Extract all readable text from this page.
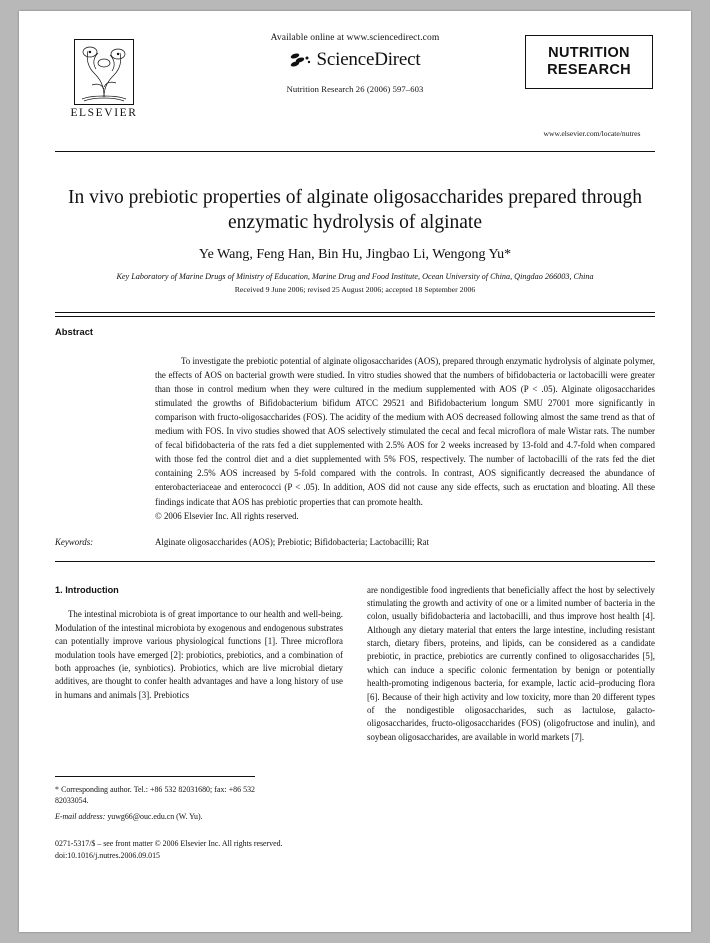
ELSEVIER
Available online at www.sciencedirect.com
ScienceDirect
Nutrition Research 26 (2006) 597–603
NUTRITION
RESEARCH
www.elsevier.com/locate/nutres
In vivo prebiotic properties of alginate oligosaccharides prepared through
enzymatic hydrolysis of alginate
Ye Wang, Feng Han, Bin Hu, Jingbao Li, Wengong Yu*
Key Laboratory of Marine Drugs of Ministry of Education, Marine Drug and Food Institute, Ocean University of China, Qingdao 266003, China
Received 9 June 2006; revised 25 August 2006; accepted 18 September 2006
Abstract

To investigate the prebiotic potential of alginate oligosaccharides (AOS), prepared through enzymatic hydrolysis of alginate polymer, the effects of AOS on bacterial growth were studied. In vitro studies showed that the numbers of bifidobacteria or lactobacilli were greater than those in control medium when they were cultured in the medium supplemented with AOS (P < .05). Alginate oligosaccharides stimulated the growths of Bifidobacterium bifidum ATCC 29521 and Bifidobacterium longum SMU 27001 more significantly in comparison with fructo-oligosaccharides (FOS). The acidity of the medium with AOS decreased following almost the same trend as that of medium with FOS. In vivo studies showed that AOS selectively stimulated the cecal and fecal microflora of male Wistar rats. The number of fecal bifidobacteria of the rats fed a diet supplemented with 2.5% AOS for 2 weeks increased by 13-fold and 4.7-fold when compared with those fed the control diet and a diet supplemented with 5% FOS, respectively. The number of lactobacilli of the rats fed the diet containing 2.5% AOS increased by 5-fold compared with the controls. In contrast, AOS significantly decreased the abundance of enterobacteriaceae and enterococci (P < .05). In addition, AOS did not cause any side effects, such as eructation and bloating. All these findings indicate that AOS has prebiotic properties that can promote health.

© 2006 Elsevier Inc. All rights reserved.

Keywords:	Alginate oligosaccharides (AOS); Prebiotic; Bifidobacteria; Lactobacilli; Rat
1. Introduction

The intestinal microbiota is of great importance to our health and well-being. Modulation of the intestinal microbiota by exogenous and endogenous substrates can potentially improve various physiological functions [1]. Three microflora modulation tools have emerged [2]: probiotics, prebiotics, and a combination of both approaches (ie, synbiotics). Probiotics, which are live microbial dietary additives, are thought to confer health advantages and have a long history of use in humans and animals [3]. Prebiotics

* Corresponding author. Tel.: +86 532 82031680; fax: +86 532 82033054.
E-mail address: yuwg66@ouc.edu.cn (W. Yu).
0271-5317/$ – see front matter © 2006 Elsevier Inc. All rights reserved.
doi:10.1016/j.nutres.2006.09.015

are nondigestible food ingredients that beneficially affect the host by selectively stimulating the growth and activity of one or a limited number of bacteria in the colon, usually bifidobacteria and lactobacilli, and thus improve host health [4]. Although any dietary material that enters the large intestine, including resistant starch, dietary fibers, proteins, and lipids, can be considered as a candidate prebiotic, in practice, prebiotics are currently confined to oligosaccharides [5], which can induce a specific colonic fermentation by benign or potentially health-promoting indigenous bacteria, for example, lactic acid–producing flora [6]. Because of their high activity and low toxicity, more than 20 different types of the nondigestible oligosaccharides, such as lactulose, galacto-oligosaccharides, fructo-oligosaccharides (FOS) (oligofructose and inulin), and soybean oligosaccharides, are available in world markets [7].
